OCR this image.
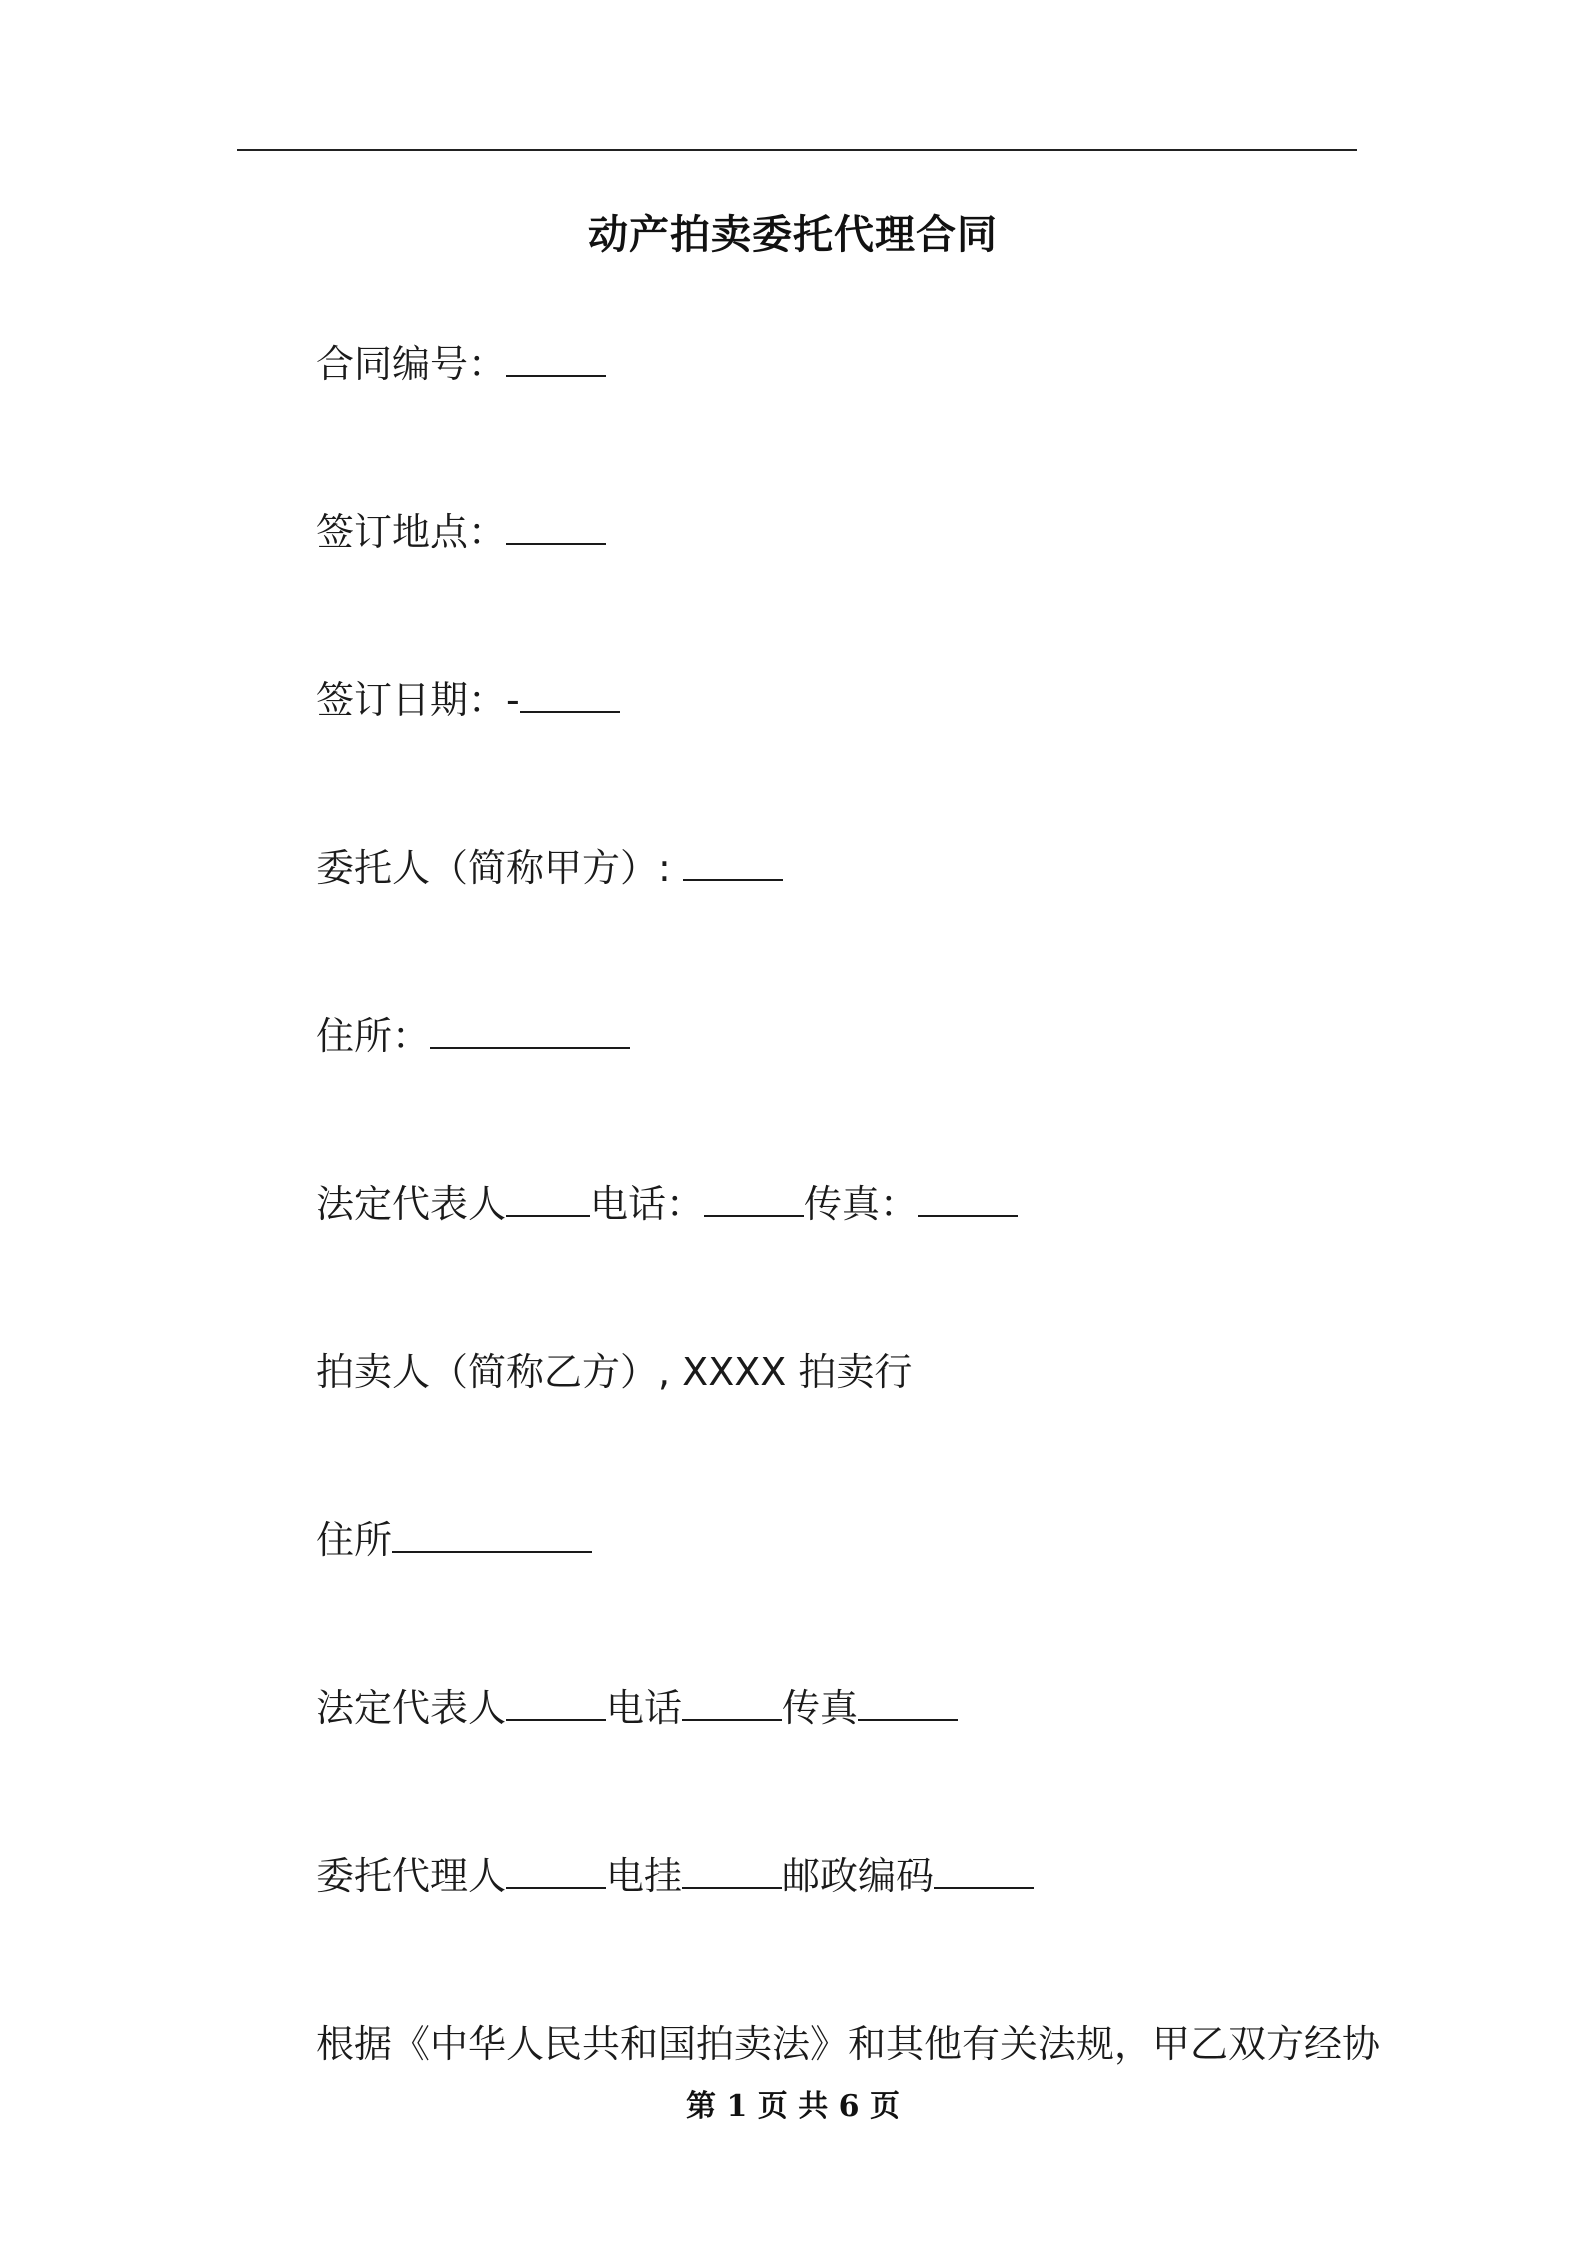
动产拍卖委托代理合同
合同编号：
签订地点：
签订日期：-
委托人（简称甲方）:
住所：
法定代表人 电话：	传真：
拍卖人（简称乙方）, XXXX 拍卖行
住所
法定代表人	电话	传真
委托代理人	电挂	邮政编码
根据《中华人民共和国拍卖法》和其他有关法规，甲乙双方经协
第 1 页 共 6 页
